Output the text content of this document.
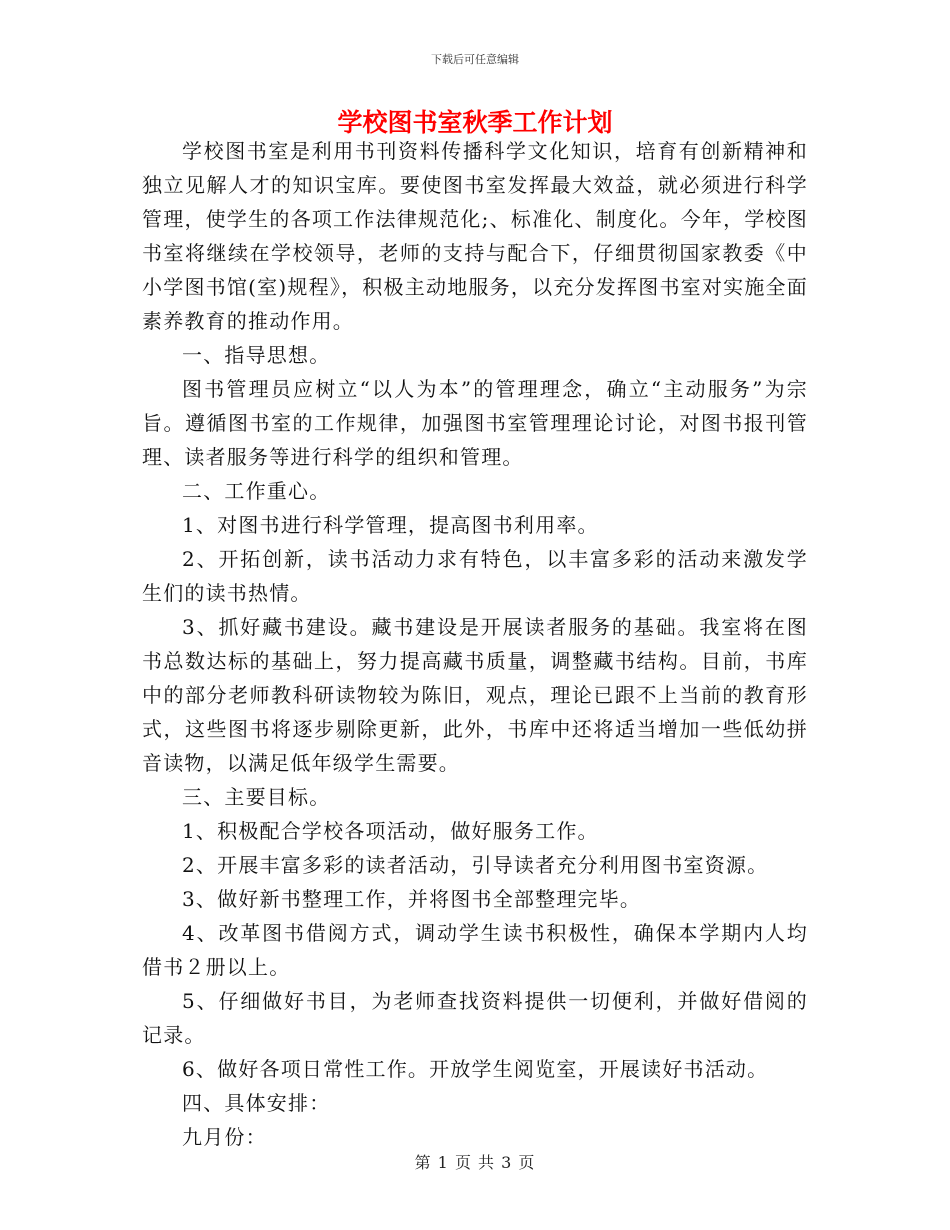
下载后可任意编辑
学校图书室秋季工作计划

学校图书室是利用书刊资料传播科学文化知识，培育有创新精神和独立见解人才的知识宝库。要使图书室发挥最大效益，就必须进行科学管理，使学生的各项工作法律规范化;、标准化、制度化。今年，学校图书室将继续在学校领导，老师的支持与配合下，仔细贯彻国家教委《中小学图书馆(室)规程》，积极主动地服务，以充分发挥图书室对实施全面素养教育的推动作用。

一、指导思想。

图书管理员应树立“以人为本”的管理理念，确立“主动服务”为宗旨。遵循图书室的工作规律，加强图书室管理理论讨论，对图书报刊管理、读者服务等进行科学的组织和管理。

二、工作重心。

1、对图书进行科学管理，提高图书利用率。

2、开拓创新，读书活动力求有特色，以丰富多彩的活动来激发学生们的读书热情。

3、抓好藏书建设。藏书建设是开展读者服务的基础。我室将在图书总数达标的基础上，努力提高藏书质量，调整藏书结构。目前，书库中的部分老师教科研读物较为陈旧，观点，理论已跟不上当前的教育形式，这些图书将逐步剔除更新，此外，书库中还将适当增加一些低幼拼音读物，以满足低年级学生需要。

三、主要目标。

1、积极配合学校各项活动，做好服务工作。

2、开展丰富多彩的读者活动，引导读者充分利用图书室资源。

3、做好新书整理工作，并将图书全部整理完毕。

4、改革图书借阅方式，调动学生读书积极性，确保本学期内人均借书２册以上。

5、仔细做好书目，为老师查找资料提供一切便利，并做好借阅的记录。

6、做好各项日常性工作。开放学生阅览室，开展读好书活动。

四、具体安排：

九月份：

第 1 页 共 3 页
